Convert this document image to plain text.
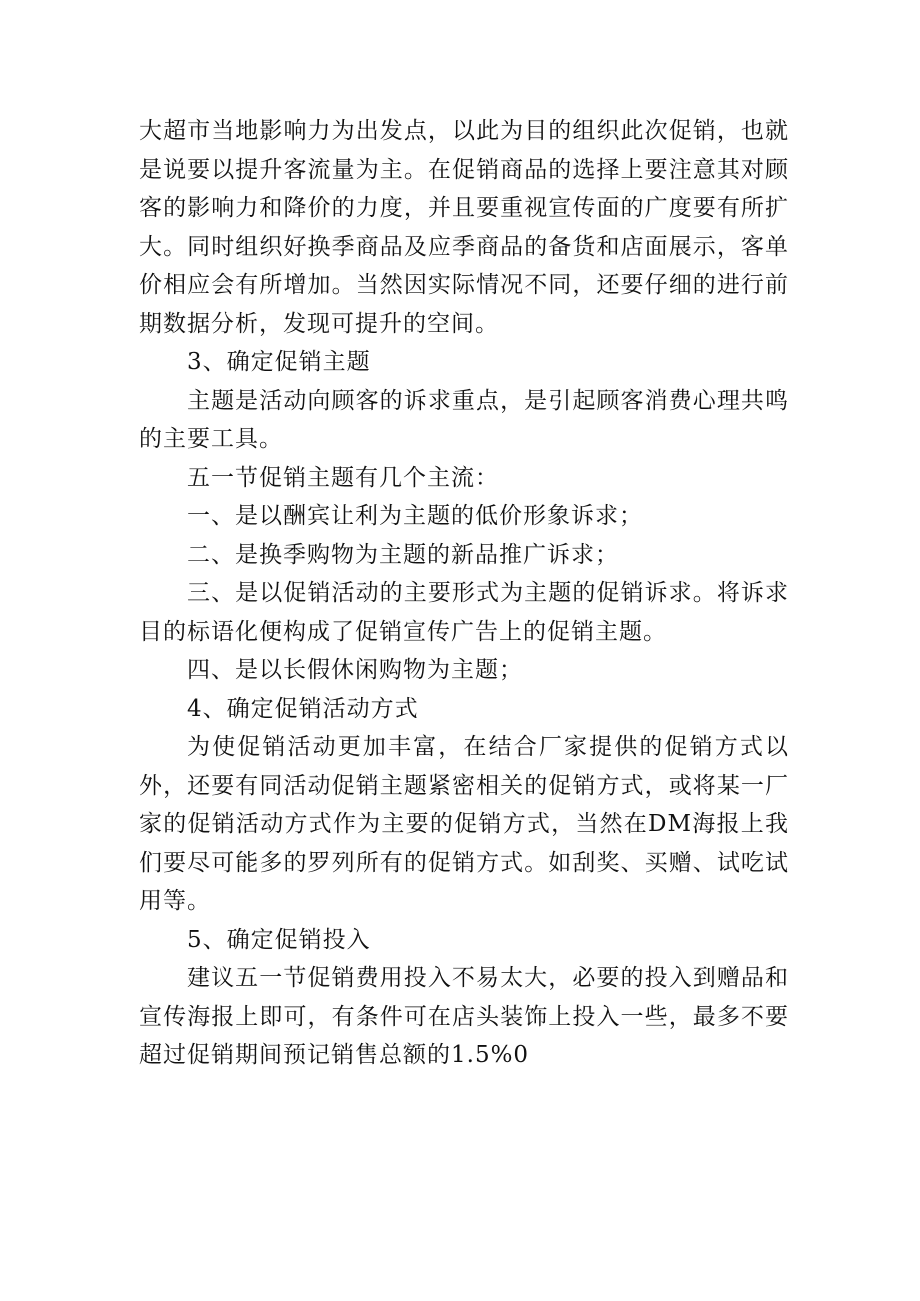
大超市当地影响力为出发点，以此为目的组织此次促销，也就是说要以提升客流量为主。在促销商品的选择上要注意其对顾客的影响力和降价的力度，并且要重视宣传面的广度要有所扩大。同时组织好换季商品及应季商品的备货和店面展示，客单价相应会有所增加。当然因实际情况不同，还要仔细的进行前期数据分析，发现可提升的空间。

3、确定促销主题

主题是活动向顾客的诉求重点，是引起顾客消费心理共鸣的主要工具。

五一节促销主题有几个主流：

一、是以酬宾让利为主题的低价形象诉求；

二、是换季购物为主题的新品推广诉求；

三、是以促销活动的主要形式为主题的促销诉求。将诉求目的标语化便构成了促销宣传广告上的促销主题。

四、是以长假休闲购物为主题；

4、确定促销活动方式

为使促销活动更加丰富，在结合厂家提供的促销方式以外，还要有同活动促销主题紧密相关的促销方式，或将某一厂家的促销活动方式作为主要的促销方式，当然在DM海报上我们要尽可能多的罗列所有的促销方式。如刮奖、买赠、试吃试用等。

5、确定促销投入

建议五一节促销费用投入不易太大，必要的投入到赠品和宣传海报上即可，有条件可在店头装饰上投入一些，最多不要超过促销期间预记销售总额的1.5%0
